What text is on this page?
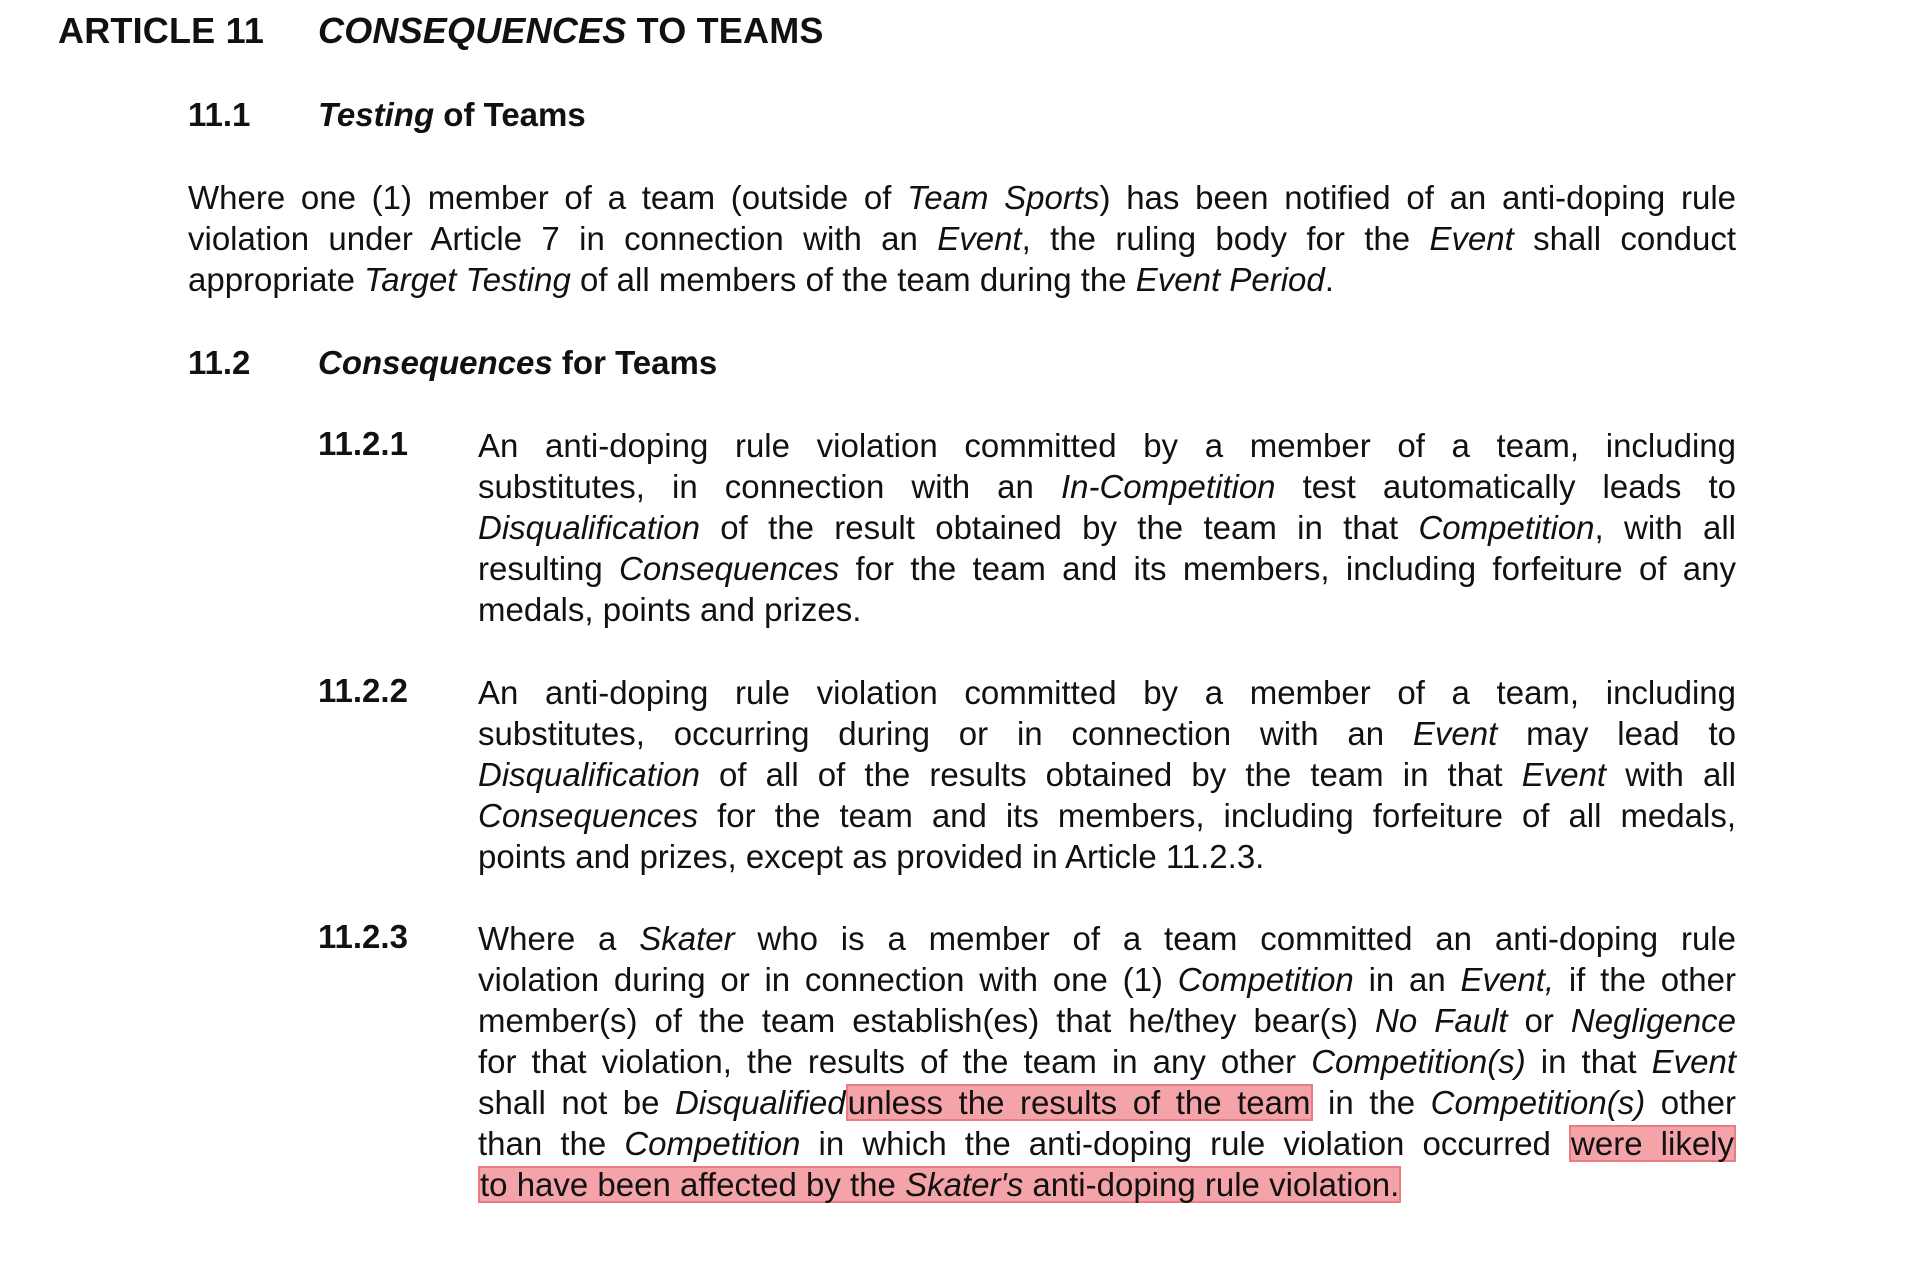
ARTICLE 11 CONSEQUENCES TO TEAMS
11.1 Testing of Teams
Where one (1) member of a team (outside of Team Sports) has been notified of an anti-doping rule
violation under Article 7 in connection with an Event, the ruling body for the Event shall conduct
appropriate Target Testing of all members of the team during the Event Period.
11.2 Consequences for Teams
11.2.1 An anti-doping rule violation committed by a member of a team, including
substitutes, in connection with an In-Competition test automatically leads to
Disqualification of the result obtained by the team in that Competition, with all
resulting Consequences for the team and its members, including forfeiture of any
medals, points and prizes.
11.2.2 An anti-doping rule violation committed by a member of a team, including
substitutes, occurring during or in connection with an Event may lead to
Disqualification of all of the results obtained by the team in that Event with all
Consequences for the team and its members, including forfeiture of all medals,
points and prizes, except as provided in Article 11.2.3.
11.2.3 Where a Skater who is a member of a team committed an anti-doping rule
violation during or in connection with one (1) Competition in an Event, if the other
member(s) of the team establish(es) that he/they bear(s) No Fault or Negligence
for that violation, the results of the team in any other Competition(s) in that Event
shall not be Disqualifiedunless the results of the team in the Competition(s) other
than the Competition in which the anti-doping rule violation occurred were likely
to have been affected by the Skater's anti-doping rule violation.
